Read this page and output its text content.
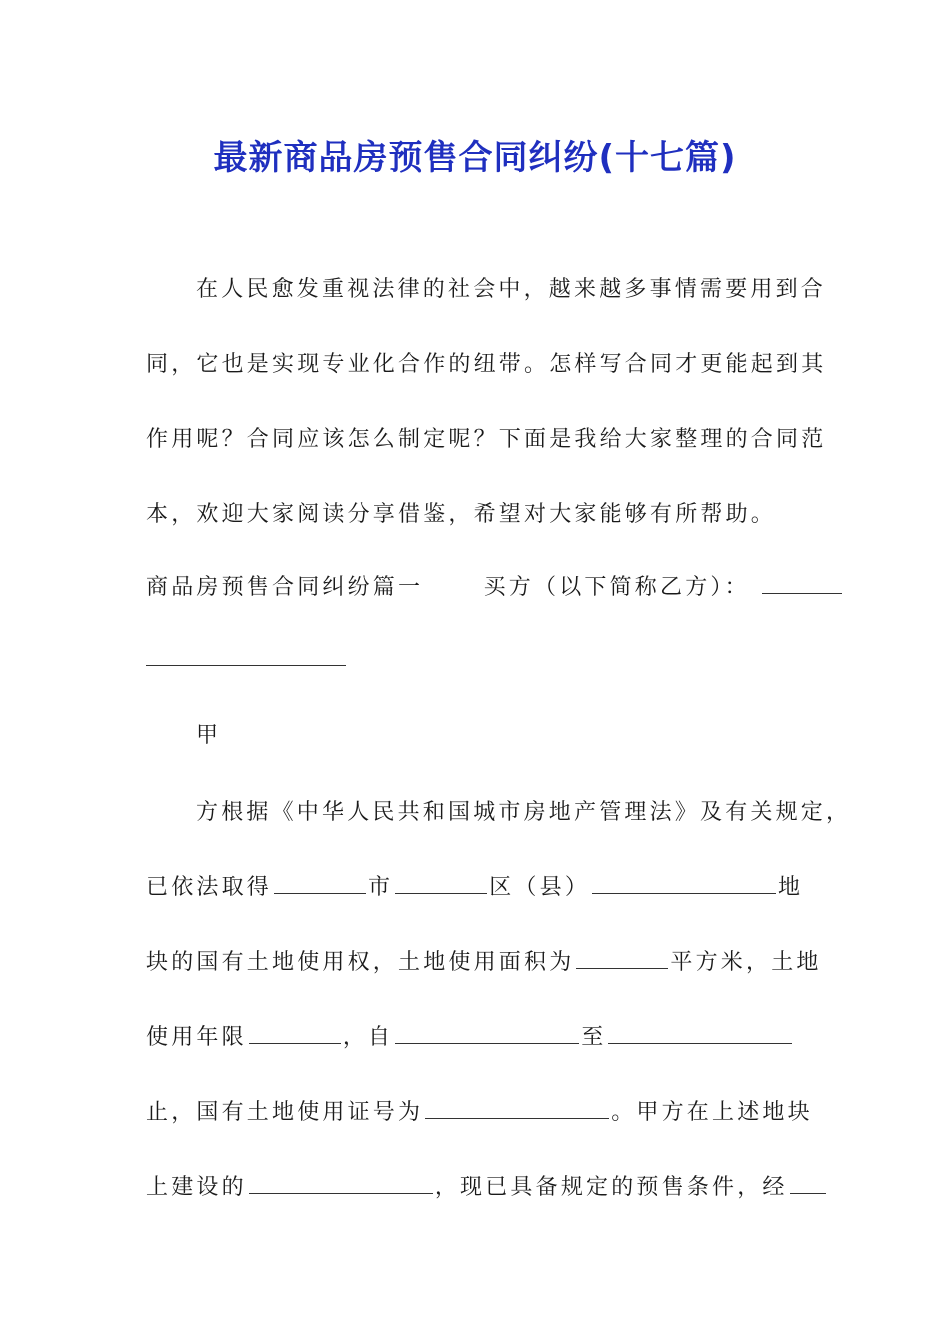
最新商品房预售合同纠纷(十七篇)
在人民愈发重视法律的社会中，越来越多事情需要用到合
同，它也是实现专业化合作的纽带。怎样写合同才更能起到其
作用呢？合同应该怎么制定呢？下面是我给大家整理的合同范
本，欢迎大家阅读分享借鉴，希望对大家能够有所帮助。
商品房预售合同纠纷篇一	买方（以下简称乙方）：
甲
方根据《中华人民共和国城市房地产管理法》及有关规定，
已依法取得	市	区（县）	地
块的国有土地使用权，土地使用面积为	平方米，土地
使用年限	，自	至
止，国有土地使用证号为	。甲方在上述地块
上建设的	，现已具备规定的预售条件，经
